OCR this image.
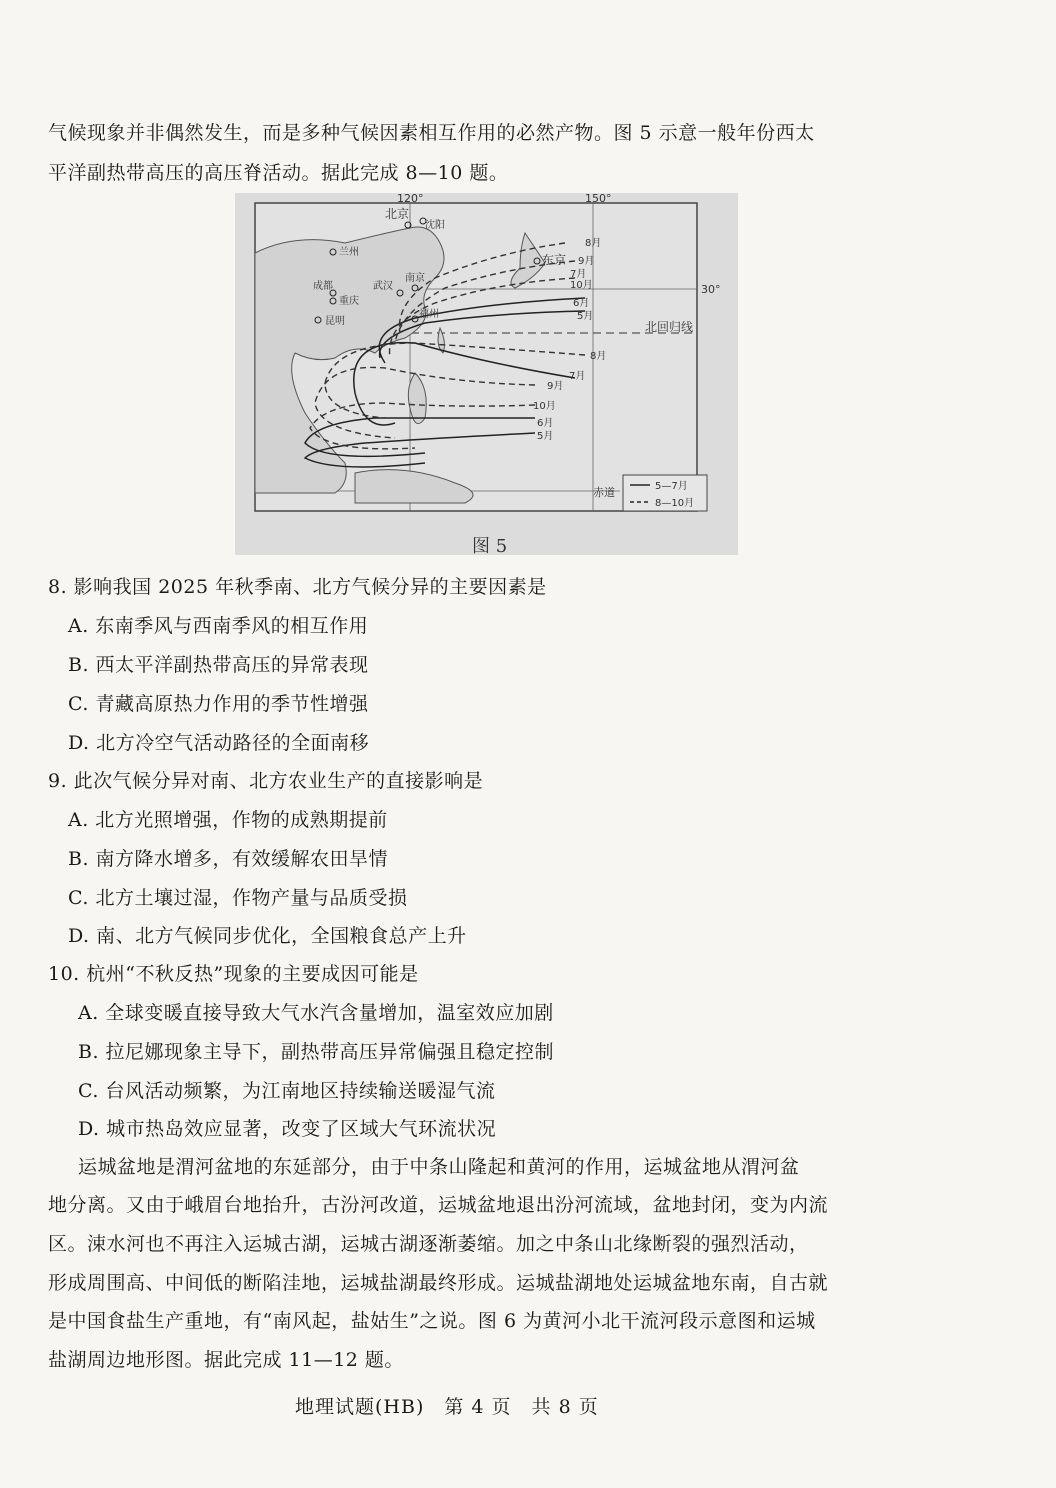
气候现象并非偶然发生，而是多种气候因素相互作用的必然产物。图 5 示意一般年份西太
平洋副热带高压的高压脊活动。据此完成 8—10 题。
北京
沈阳
兰州
东京
成都	武汉
南京
重庆
昆明
福州
120°	150°
30°
北回归线
赤道
8月
9月
7月
10月
6月
5月
8月
7月
9月
10月
6月
5月
5—7月
8—10月
图 5
8. 影响我国 2025 年秋季南、北方气候分异的主要因素是
A. 东南季风与西南季风的相互作用
B. 西太平洋副热带高压的异常表现
C. 青藏高原热力作用的季节性增强
D. 北方冷空气活动路径的全面南移
9. 此次气候分异对南、北方农业生产的直接影响是
A. 北方光照增强，作物的成熟期提前
B. 南方降水增多，有效缓解农田旱情
C. 北方土壤过湿，作物产量与品质受损
D. 南、北方气候同步优化，全国粮食总产上升
10. 杭州“不秋反热”现象的主要成因可能是
A. 全球变暖直接导致大气水汽含量增加，温室效应加剧
B. 拉尼娜现象主导下，副热带高压异常偏强且稳定控制
C. 台风活动频繁，为江南地区持续输送暖湿气流
D. 城市热岛效应显著，改变了区域大气环流状况
运城盆地是渭河盆地的东延部分，由于中条山隆起和黄河的作用，运城盆地从渭河盆
地分离。又由于峨眉台地抬升，古汾河改道，运城盆地退出汾河流域，盆地封闭，变为内流
区。涑水河也不再注入运城古湖，运城古湖逐渐萎缩。加之中条山北缘断裂的强烈活动，
形成周围高、中间低的断陷洼地，运城盐湖最终形成。运城盐湖地处运城盆地东南，自古就
是中国食盐生产重地，有“南风起，盐姑生”之说。图 6 为黄河小北干流河段示意图和运城
盐湖周边地形图。据此完成 11—12 题。
地理试题(HB)　第 4 页　共 8 页
